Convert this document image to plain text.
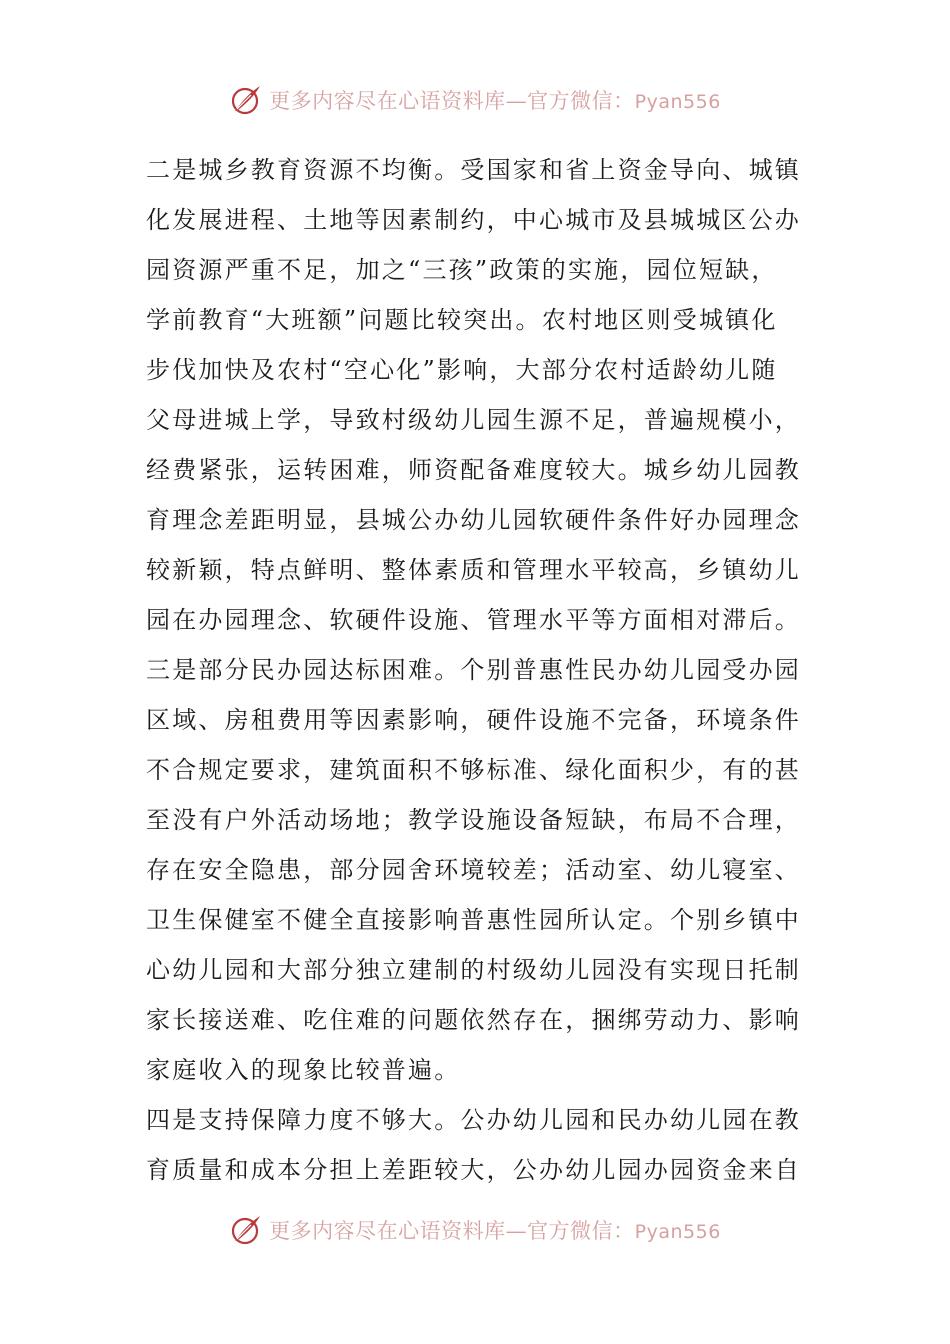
更多内容尽在心语资料库—官方微信：Pyan556
二是城乡教育资源不均衡。受国家和省上资金导向、城镇
化发展进程、土地等因素制约，中心城市及县城城区公办
园资源严重不足，加之“三孩”政策的实施，园位短缺，
学前教育“大班额”问题比较突出。农村地区则受城镇化
步伐加快及农村“空心化”影响，大部分农村适龄幼儿随
父母进城上学，导致村级幼儿园生源不足，普遍规模小，
经费紧张，运转困难，师资配备难度较大。城乡幼儿园教
育理念差距明显，县城公办幼儿园软硬件条件好办园理念
较新颖，特点鲜明、整体素质和管理水平较高，乡镇幼儿
园在办园理念、软硬件设施、管理水平等方面相对滞后。
三是部分民办园达标困难。个别普惠性民办幼儿园受办园
区域、房租费用等因素影响，硬件设施不完备，环境条件
不合规定要求，建筑面积不够标准、绿化面积少，有的甚
至没有户外活动场地；教学设施设备短缺，布局不合理，
存在安全隐患，部分园舍环境较差；活动室、幼儿寝室、
卫生保健室不健全直接影响普惠性园所认定。个别乡镇中
心幼儿园和大部分独立建制的村级幼儿园没有实现日托制
家长接送难、吃住难的问题依然存在，捆绑劳动力、影响
家庭收入的现象比较普遍。
四是支持保障力度不够大。公办幼儿园和民办幼儿园在教
育质量和成本分担上差距较大，公办幼儿园办园资金来自
更多内容尽在心语资料库—官方微信：Pyan556
